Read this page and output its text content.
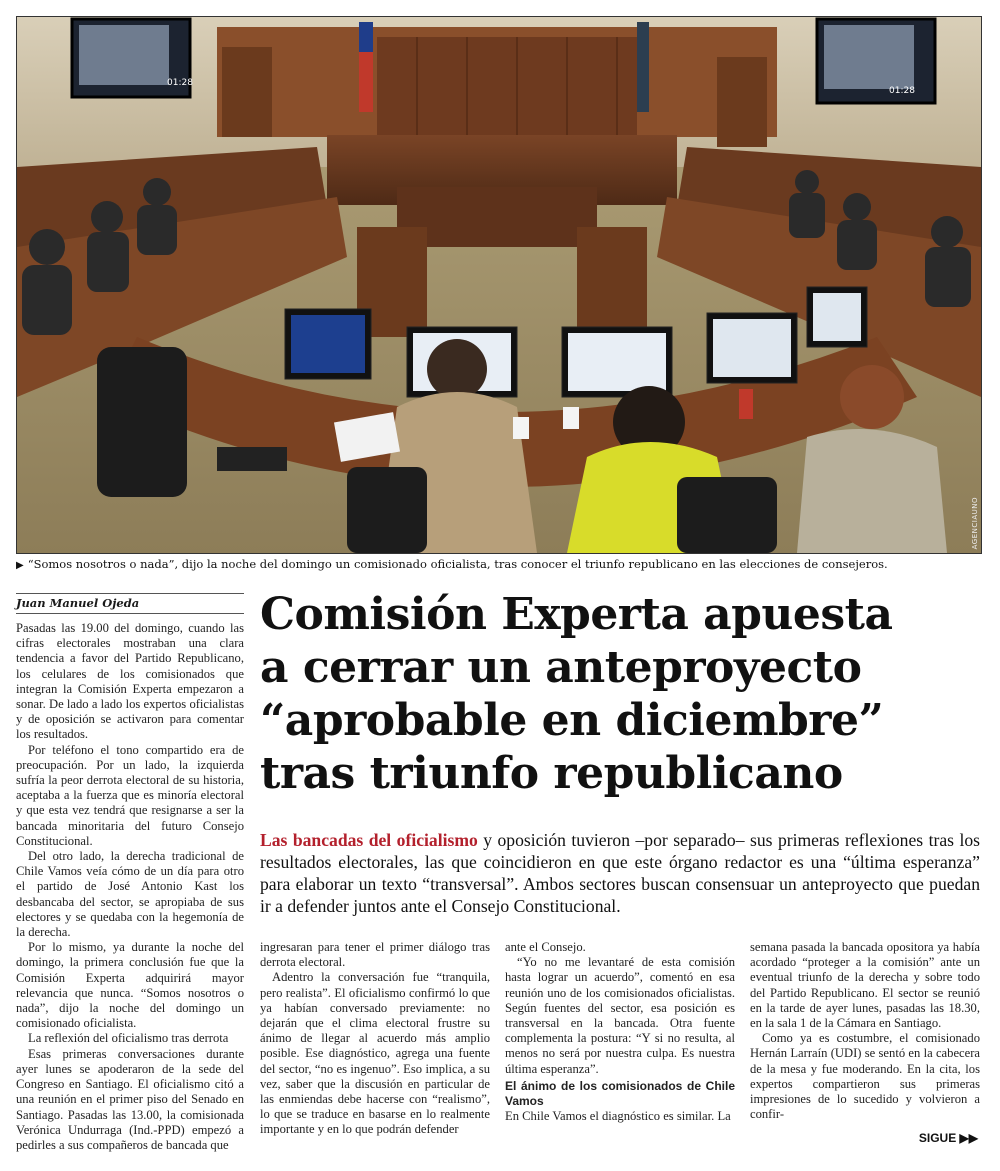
01:28
01:28
AGENCIAUNO
▶ “Somos nosotros o nada”, dijo la noche del domingo un comisionado oficialista, tras conocer el triunfo republicano en las elecciones de consejeros.
Juan Manuel Ojeda

Pasadas las 19.00 del domingo, cuando las cifras electorales mostraban una clara tendencia a favor del Partido Republicano, los celulares de los comisionados que integran la Comisión Experta empezaron a sonar. De lado a lado los expertos oficialistas y de oposición se activaron para comentar los resultados.

Por teléfono el tono compartido era de preocupación. Por un lado, la izquierda sufría la peor derrota electoral de su historia, aceptaba a la fuerza que es minoría electoral y que esta vez tendrá que resignarse a ser la bancada minoritaria del futuro Consejo Constitucional.

Del otro lado, la derecha tradicional de Chile Vamos veía cómo de un día para otro el partido de José Antonio Kast los desbancaba del sector, se apropiaba de sus electores y se quedaba con la hegemonía de la derecha.

Por lo mismo, ya durante la noche del domingo, la primera conclusión fue que la Comisión Experta adquirirá mayor relevancia que nunca. “Somos nosotros o nada”, dijo la noche del domingo un comisionado oficialista.

La reflexión del oficialismo tras derrota

Esas primeras conversaciones durante ayer lunes se apoderaron de la sede del Congreso en Santiago. El oficialismo citó a una reunión en el primer piso del Senado en Santiago. Pasadas las 13.00, la comisionada Verónica Undurraga (Ind.-PPD) empezó a pedirles a sus compañeros de bancada que

Comisión Experta apuesta
a cerrar un anteproyecto
“aprobable en diciembre”
tras triunfo republicano
Las bancadas del oficialismo y oposición tuvieron –por separado– sus primeras reflexiones tras los resultados electorales, las que coincidieron en que este órgano redactor es una “última esperanza” para elaborar un texto “transversal”. Ambos sectores buscan consensuar un anteproyecto que puedan ir a defender juntos ante el Consejo Constitucional.

ingresaran para tener el primer diálogo tras derrota electoral.

Adentro la conversación fue “tranquila, pero realista”. El oficialismo confirmó lo que ya habían conversado previamente: no dejarán que el clima electoral frustre su ánimo de llegar al acuerdo más amplio posible. Ese diagnóstico, agrega una fuente del sector, “no es ingenuo”. Eso implica, a su vez, saber que la discusión en particular de las enmiendas debe hacerse con “realismo”, lo que se traduce en basarse en lo realmente importante y en lo que podrán defender

ante el Consejo.

“Yo no me levantaré de esta comisión hasta lograr un acuerdo”, comentó en esa reunión uno de los comisionados oficialistas. Según fuentes del sector, esa posición es transversal en la bancada. Otra fuente complementa la postura: “Y si no resulta, al menos no será por nuestra culpa. Es nuestra última esperanza”.

El ánimo de los comisionados de Chile Vamos

En Chile Vamos el diagnóstico es similar. La

semana pasada la bancada opositora ya había acordado “proteger a la comisión” ante un eventual triunfo de la derecha y sobre todo del Partido Republicano. El sector se reunió en la tarde de ayer lunes, pasadas las 18.30, en la sala 1 de la Cámara en Santiago.

Como ya es costumbre, el comisionado Hernán Larraín (UDI) se sentó en la cabecera de la mesa y fue moderando. En la cita, los expertos compartieron sus primeras impresiones de lo sucedido y volvieron a confir-

SIGUE ▶▶
